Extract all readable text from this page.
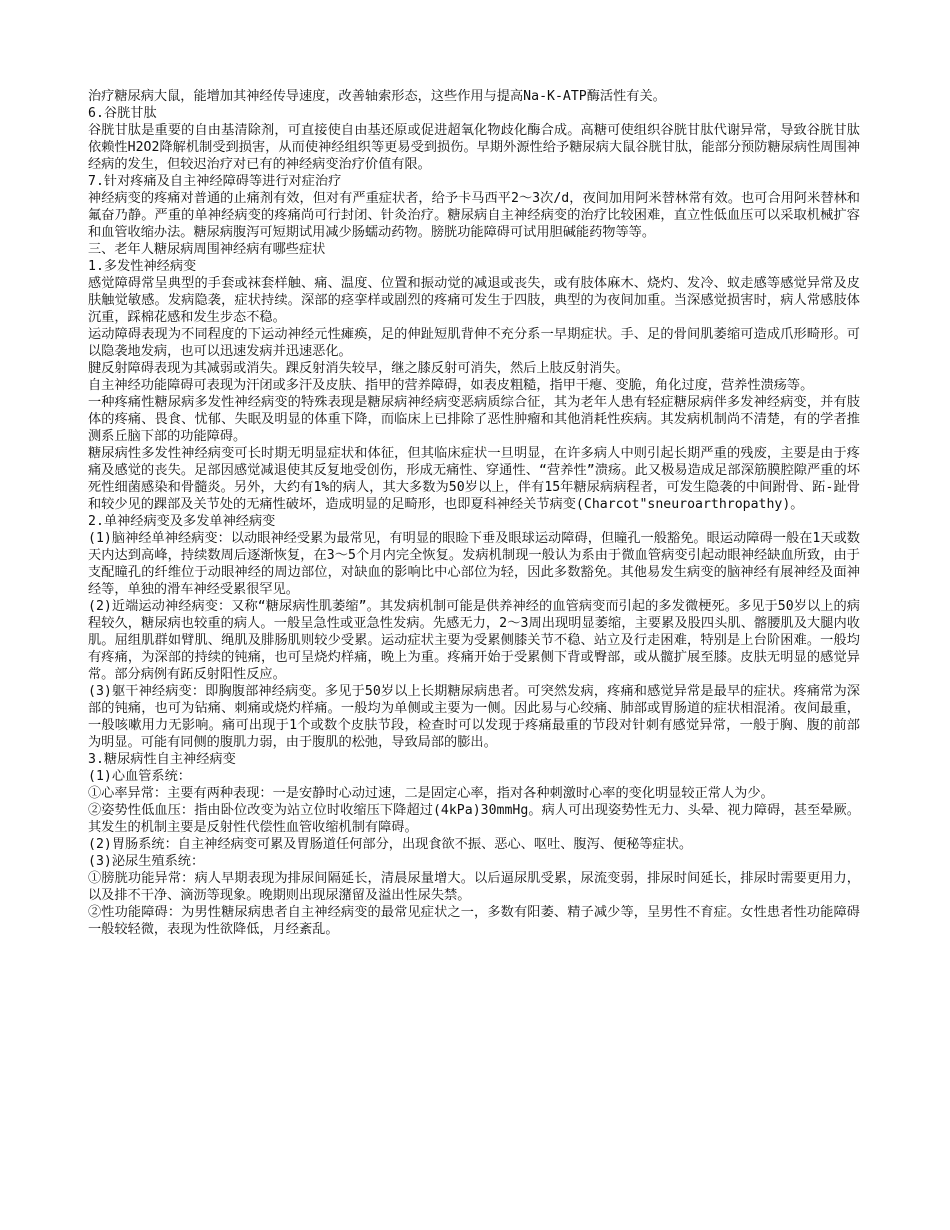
治疗糖尿病大鼠，能增加其神经传导速度，改善轴索形态，这些作用与提高Na-K-ATP酶活性有关。

6.谷胱甘肽

谷胱甘肽是重要的自由基清除剂，可直接使自由基还原或促进超氧化物歧化酶合成。高糖可使组织谷胱甘肽代谢异常，导致谷胱甘肽依赖性H2O2降解机制受到损害，从而使神经组织等更易受到损伤。早期外源性给予糖尿病大鼠谷胱甘肽，能部分预防糖尿病性周围神经病的发生，但较迟治疗对已有的神经病变治疗价值有限。

7.针对疼痛及自主神经障碍等进行对症治疗

神经病变的疼痛对普通的止痛剂有效，但对有严重症状者，给予卡马西平2～3次/d，夜间加用阿米替林常有效。也可合用阿米替林和氟奋乃静。严重的单神经病变的疼痛尚可行封闭、针灸治疗。糖尿病自主神经病变的治疗比较困难，直立性低血压可以采取机械扩容和血管收缩办法。糖尿病腹泻可短期试用减少肠蠕动药物。膀胱功能障碍可试用胆碱能药物等等。

三、老年人糖尿病周围神经病有哪些症状

1.多发性神经病变

感觉障碍常呈典型的手套或袜套样触、痛、温度、位置和振动觉的减退或丧失，或有肢体麻木、烧灼、发冷、蚁走感等感觉异常及皮肤触觉敏感。发病隐袭，症状持续。深部的痉挛样或剧烈的疼痛可发生于四肢，典型的为夜间加重。当深感觉损害时，病人常感肢体沉重，踩棉花感和发生步态不稳。

运动障碍表现为不同程度的下运动神经元性瘫痪，足的伸趾短肌背伸不充分系一早期症状。手、足的骨间肌萎缩可造成爪形畸形。可以隐袭地发病，也可以迅速发病并迅速恶化。

腱反射障碍表现为其减弱或消失。踝反射消失较早，继之膝反射可消失，然后上肢反射消失。

自主神经功能障碍可表现为汗闭或多汗及皮肤、指甲的营养障碍，如表皮粗糙，指甲干瘪、变脆，角化过度，营养性溃疡等。

一种疼痛性糖尿病多发性神经病变的特殊表现是糖尿病神经病变恶病质综合征，其为老年人患有轻症糖尿病伴多发神经病变，并有肢体的疼痛、畏食、忧郁、失眠及明显的体重下降，而临床上已排除了恶性肿瘤和其他消耗性疾病。其发病机制尚不清楚，有的学者推测系丘脑下部的功能障碍。

糖尿病性多发性神经病变可长时期无明显症状和体征，但其临床症状一旦明显，在许多病人中则引起长期严重的残废，主要是由于疼痛及感觉的丧失。足部因感觉减退使其反复地受创伤，形成无痛性、穿通性、“营养性”溃疡。此又极易造成足部深筋膜腔隙严重的坏死性细菌感染和骨髓炎。另外，大约有1%的病人，其大多数为50岁以上，伴有15年糖尿病病程者，可发生隐袭的中间跗骨、跖-趾骨和较少见的踝部及关节处的无痛性破坏，造成明显的足畸形，也即夏科神经关节病变(Charcot"sneuroarthropathy)。

2.单神经病变及多发单神经病变

(1)脑神经单神经病变：以动眼神经受累为最常见，有明显的眼睑下垂及眼球运动障碍，但瞳孔一般豁免。眼运动障碍一般在1天或数天内达到高峰，持续数周后逐渐恢复，在3～5个月内完全恢复。发病机制现一般认为系由于微血管病变引起动眼神经缺血所致，由于支配瞳孔的纤维位于动眼神经的周边部位，对缺血的影响比中心部位为轻，因此多数豁免。其他易发生病变的脑神经有展神经及面神经等，单独的滑车神经受累很罕见。

(2)近端运动神经病变：又称“糖尿病性肌萎缩”。其发病机制可能是供养神经的血管病变而引起的多发微梗死。多见于50岁以上的病程较久，糖尿病也较重的病人。一般呈急性或亚急性发病。先感无力，2～3周出现明显萎缩，主要累及股四头肌、髂腰肌及大腿内收肌。屈组肌群如臂肌、绳肌及腓肠肌则较少受累。运动症状主要为受累侧膝关节不稳、站立及行走困难，特别是上台阶困难。一般均有疼痛，为深部的持续的钝痛，也可呈烧灼样痛，晚上为重。疼痛开始于受累侧下背或臀部，或从髋扩展至膝。皮肤无明显的感觉异常。部分病例有跖反射阳性反应。

(3)躯干神经病变：即胸腹部神经病变。多见于50岁以上长期糖尿病患者。可突然发病，疼痛和感觉异常是最早的症状。疼痛常为深部的钝痛，也可为钻痛、刺痛或烧灼样痛。一般均为单侧或主要为一侧。因此易与心绞痛、肺部或胃肠道的症状相混淆。夜间最重，一般咳嗽用力无影响。痛可出现于1个或数个皮肤节段，检查时可以发现于疼痛最重的节段对针刺有感觉异常，一般于胸、腹的前部为明显。可能有同侧的腹肌力弱，由于腹肌的松弛，导致局部的膨出。

3.糖尿病性自主神经病变

(1)心血管系统：

①心率异常：主要有两种表现：一是安静时心动过速，二是固定心率，指对各种刺激时心率的变化明显较正常人为少。

②姿势性低血压：指由卧位改变为站立位时收缩压下降超过(4kPa)30mmHg。病人可出现姿势性无力、头晕、视力障碍，甚至晕厥。其发生的机制主要是反射性代偿性血管收缩机制有障碍。

(2)胃肠系统：自主神经病变可累及胃肠道任何部分，出现食欲不振、恶心、呕吐、腹泻、便秘等症状。

(3)泌尿生殖系统：

①膀胱功能异常：病人早期表现为排尿间隔延长，清晨尿量增大。以后逼尿肌受累，尿流变弱，排尿时间延长，排尿时需要更用力，以及排不干净、滴沥等现象。晚期则出现尿潴留及溢出性尿失禁。

②性功能障碍：为男性糖尿病患者自主神经病变的最常见症状之一，多数有阳萎、精子减少等，呈男性不育症。女性患者性功能障碍一般较轻微，表现为性欲降低，月经紊乱。
